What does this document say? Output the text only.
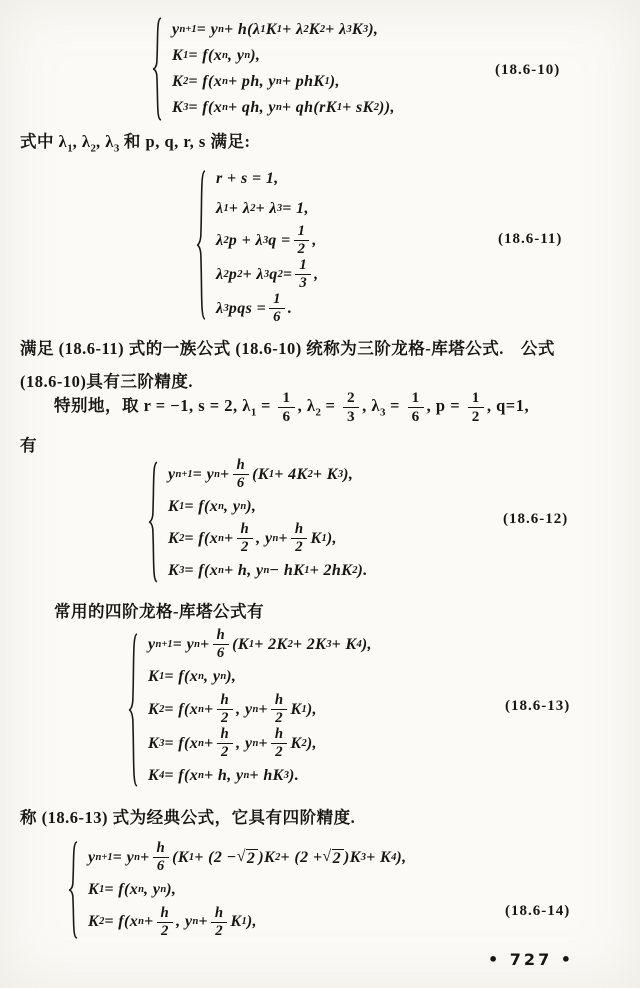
y n+1 = y n + h(λ 1 K 1 + λ 2 K 2 + λ 3 K 3 ),
K 1 = f(x n , y n ),
K 2 = f(x n + ph, y n + phK 1 ),
K 3 = f(x n + qh, y n + qh(rK 1 + sK 2 )),
(18.6-10)

式中 $\lambda_1$, $\lambda_2$, $\lambda_3$ 和 p, q, r, s 满足:

r + s = 1,
λ 1 + λ 2 + λ 3 = 1,
λ 2 p + λ 3 $q = \frac{1}{2}$ ,
λ 2 p 2 + λ 3 q $2 = \frac{1}{3}$ ,
λ 3 pqs = $\frac{1}{6}$ .
(18.6-11)

满足 (18.6-11) 式的一族公式 (18.6-10) 统称为三阶龙格-库塔公式.　公式

(18.6-10)具有三阶精度.

特别地，取 r = −1, s = 2, $\lambda_1 = \frac{1}{6}$ , $\lambda_2 = \frac{2}{3}$ , $\lambda_3 = \frac{1}{6}$ , $p = \frac{1}{2}$ , q=1,

有

y n+1 = y $n + \frac{h}{6} (K$ 1 + 4K 2 + K 3 ),
K 1 = f(x n , y n ),
K 2 = f(x $n + \frac{h}{2}$ , y $n + \frac{h}{2}$ K 1 ),
K 3 = f(x n + h, y n − hK 1 + 2hK 2 ).
(18.6-12)

常用的四阶龙格-库塔公式有

y n+1 = y $n + \frac{h}{6} (K$ 1 + 2K 2 + 2K 3 + K 4 ),
K 1 = f(x n , y n ),
K 2 = f(x $n + \frac{h}{2}$ , y $n + \frac{h}{2}$ K 1 ),
K 3 = f(x $n + \frac{h}{2}$ , y $n + \frac{h}{2}$ K 2 ),
K 4 = f(x n + h, y n + hK 3 ).
(18.6-13)

称 (18.6-13) 式为经典公式，它具有四阶精度.

y n+1 = y $n + \frac{h}{6} (K$ 1 + (2 − √ 2 )K 2 + (2 + √ 2 )K 3 + K 4 ),
K 1 = f(x n , y n ),
K 2 = f(x $n + \frac{h}{2}$ , y $n + \frac{h}{2}$ K 1 ),
(18.6-14)
• 727 •
